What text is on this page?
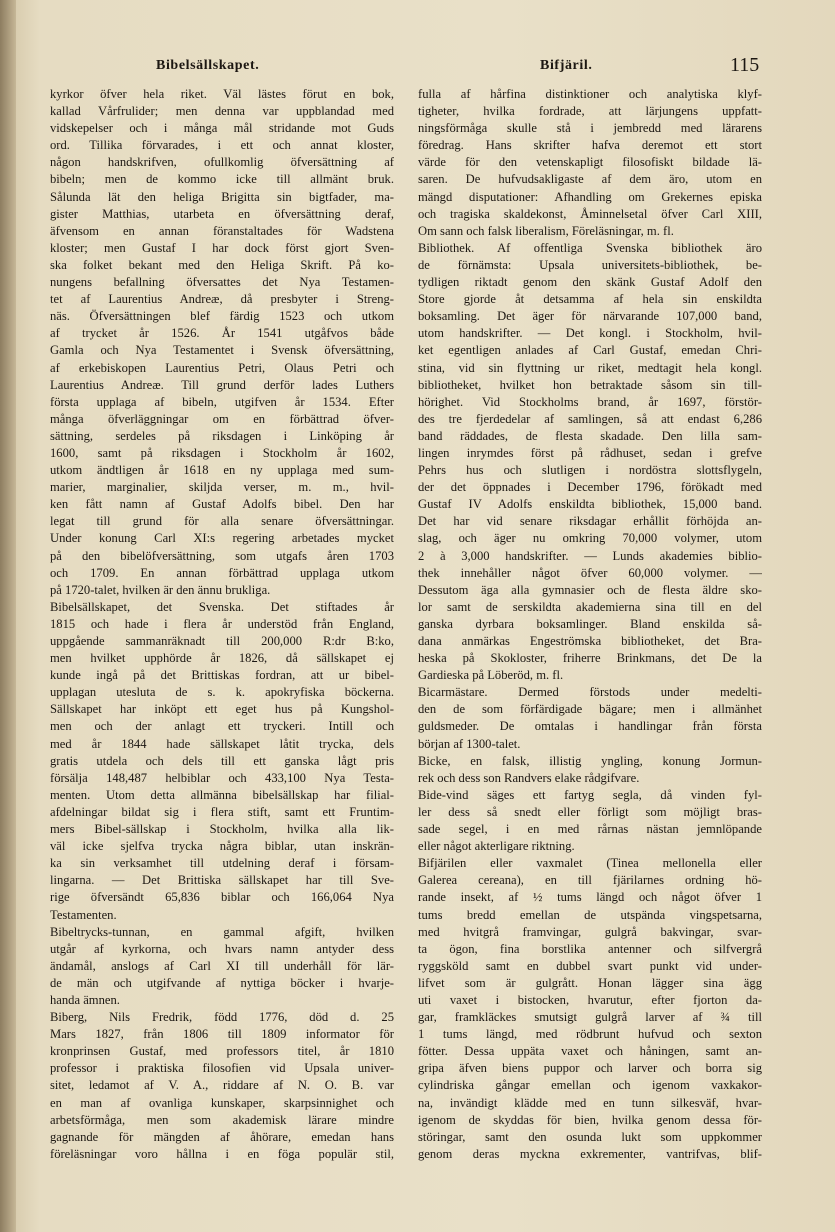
Bibelsällskapet.	Bifjäril.	115
kyrkor öfver hela riket. Väl lästes förut en bok,
kallad Vårfrulider; men denna var uppblandad med
vidskepelser och i många mål stridande mot Guds
ord. Tillika förvarades, i ett och annat kloster,
någon handskrifven, ofullkomlig öfversättning af
bibeln; men de kommo icke till allmänt bruk.
Sålunda lät den heliga Brigitta sin bigtfader, ma-
gister Matthias, utarbeta en öfversättning deraf,
äfvensom en annan föranstaltades för Wadstena
kloster; men Gustaf I har dock först gjort Sven-
ska folket bekant med den Heliga Skrift. På ko-
nungens befallning öfversattes det Nya Testamen-
tet af Laurentius Andreæ, då presbyter i Streng-
näs. Öfversättningen blef färdig 1523 och utkom
af trycket år 1526. År 1541 utgåfvos både
Gamla och Nya Testamentet i Svensk öfversättning,
af erkebiskopen Laurentius Petri, Olaus Petri och
Laurentius Andreæ. Till grund derför lades Luthers
första upplaga af bibeln, utgifven år 1534. Efter
många öfverläggningar om en förbättrad öfver-
sättning, serdeles på riksdagen i Linköping år
1600, samt på riksdagen i Stockholm år 1602,
utkom ändtligen år 1618 en ny upplaga med sum-
marier, marginalier, skiljda verser, m. m., hvil-
ken fått namn af Gustaf Adolfs bibel. Den har
legat till grund för alla senare öfversättningar.
Under konung Carl XI:s regering arbetades mycket
på den bibelöfversättning, som utgafs åren 1703
och 1709. En annan förbättrad upplaga utkom
på 1720-talet, hvilken är den ännu brukliga.
Bibelsällskapet, det Svenska. Det stiftades år
1815 och hade i flera år understöd från England,
uppgående sammanräknadt till 200,000 R:dr B:ko,
men hvilket upphörde år 1826, då sällskapet ej
kunde ingå på det Brittiskas fordran, att ur bibel-
upplagan utesluta de s. k. apokryfiska böckerna.
Sällskapet har inköpt ett eget hus på Kungshol-
men och der anlagt ett tryckeri. Intill och
med år 1844 hade sällskapet låtit trycka, dels
gratis utdela och dels till ett ganska lågt pris
försälja 148,487 helbiblar och 433,100 Nya Testa-
menten. Utom detta allmänna bibelsällskap har filial-
afdelningar bildat sig i flera stift, samt ett Fruntim-
mers Bibel-sällskap i Stockholm, hvilka alla lik-
väl icke sjelfva trycka några biblar, utan inskrän-
ka sin verksamhet till utdelning deraf i försam-
lingarna. — Det Brittiska sällskapet har till Sve-
rige öfversändt 65,836 biblar och 166,064 Nya
Testamenten.
Bibeltrycks-tunnan, en gammal afgift, hvilken
utgår af kyrkorna, och hvars namn antyder dess
ändamål, anslogs af Carl XI till underhåll för lär-
de män och utgifvande af nyttiga böcker i hvarje-
handa ämnen.
Biberg, Nils Fredrik, född 1776, död d. 25
Mars 1827, från 1806 till 1809 informator för
kronprinsen Gustaf, med professors titel, år 1810
professor i praktiska filosofien vid Upsala univer-
sitet, ledamot af V. A., riddare af N. O. B. var
en man af ovanliga kunskaper, skarpsinnighet och
arbetsförmåga, men som akademisk lärare mindre
gagnande för mängden af åhörare, emedan hans
föreläsningar voro hållna i en föga populär stil,
fulla af hårfina distinktioner och analytiska klyf-
tigheter, hvilka fordrade, att lärjungens uppfatt-
ningsförmåga skulle stå i jembredd med lärarens
föredrag. Hans skrifter hafva deremot ett stort
värde för den vetenskapligt filosofiskt bildade lä-
saren. De hufvudsakligaste af dem äro, utom en
mängd disputationer: Afhandling om Grekernes episka
och tragiska skaldekonst, Åminnelsetal öfver Carl XIII,
Om sann och falsk liberalism, Föreläsningar, m. fl.
Bibliothek. Af offentliga Svenska bibliothek äro
de förnämsta: Upsala universitets-bibliothek, be-
tydligen riktadt genom den skänk Gustaf Adolf den
Store gjorde åt detsamma af hela sin enskildta
boksamling. Det äger för närvarande 107,000 band,
utom handskrifter. — Det kongl. i Stockholm, hvil-
ket egentligen anlades af Carl Gustaf, emedan Chri-
stina, vid sin flyttning ur riket, medtagit hela kongl.
bibliotheket, hvilket hon betraktade såsom sin till-
hörighet. Vid Stockholms brand, år 1697, förstör-
des tre fjerdedelar af samlingen, så att endast 6,286
band räddades, de flesta skadade. Den lilla sam-
lingen inrymdes först på rådhuset, sedan i grefve
Pehrs hus och slutligen i nordöstra slottsflygeln,
der det öppnades i December 1796, förökadt med
Gustaf IV Adolfs enskildta bibliothek, 15,000 band.
Det har vid senare riksdagar erhållit förhöjda an-
slag, och äger nu omkring 70,000 volymer, utom
2 à 3,000 handskrifter. — Lunds akademies biblio-
thek innehåller något öfver 60,000 volymer. —
Dessutom äga alla gymnasier och de flesta äldre sko-
lor samt de serskildta akademierna sina till en del
ganska dyrbara boksamlinger. Bland enskilda så-
dana anmärkas Engeströmska bibliotheket, det Bra-
heska på Skokloster, friherre Brinkmans, det De la
Gardieska på Löberöd, m. fl.
Bicarmästare. Dermed förstods under medelti-
den de som förfärdigade bägare; men i allmänhet
guldsmeder. De omtalas i handlingar från första
början af 1300-talet.
Bicke, en falsk, illistig yngling, konung Jormun-
rek och dess son Randvers elake rådgifvare.
Bide-vind säges ett fartyg segla, då vinden fyl-
ler dess så snedt eller förligt som möjligt bras-
sade segel, i en med rårnas nästan jemnlöpande
eller något akterligare riktning.
Bifjärilen eller vaxmalet (Tinea mellonella eller
Galerea cereana), en till fjärilarnes ordning hö-
rande insekt, af ½ tums längd och något öfver 1
tums bredd emellan de utspända vingspetsarna,
med hvitgrå framvingar, gulgrå bakvingar, svar-
ta ögon, fina borstlika antenner och silfvergrå
ryggsköld samt en dubbel svart punkt vid under-
lifvet som är gulgrått. Honan lägger sina ägg
uti vaxet i bistocken, hvarutur, efter fjorton da-
gar, framkläckes smutsigt gulgrå larver af ¾ till
1 tums längd, med rödbrunt hufvud och sexton
fötter. Dessa uppäta vaxet och håningen, samt an-
gripa äfven biens puppor och larver och borra sig
cylindriska gångar emellan och igenom vaxkakor-
na, invändigt klädde med en tunn silkesväf, hvar-
igenom de skyddas för bien, hvilka genom dessa för-
störingar, samt den osunda lukt som uppkommer
genom deras myckna exkrementer, vantrifvas, blif-
